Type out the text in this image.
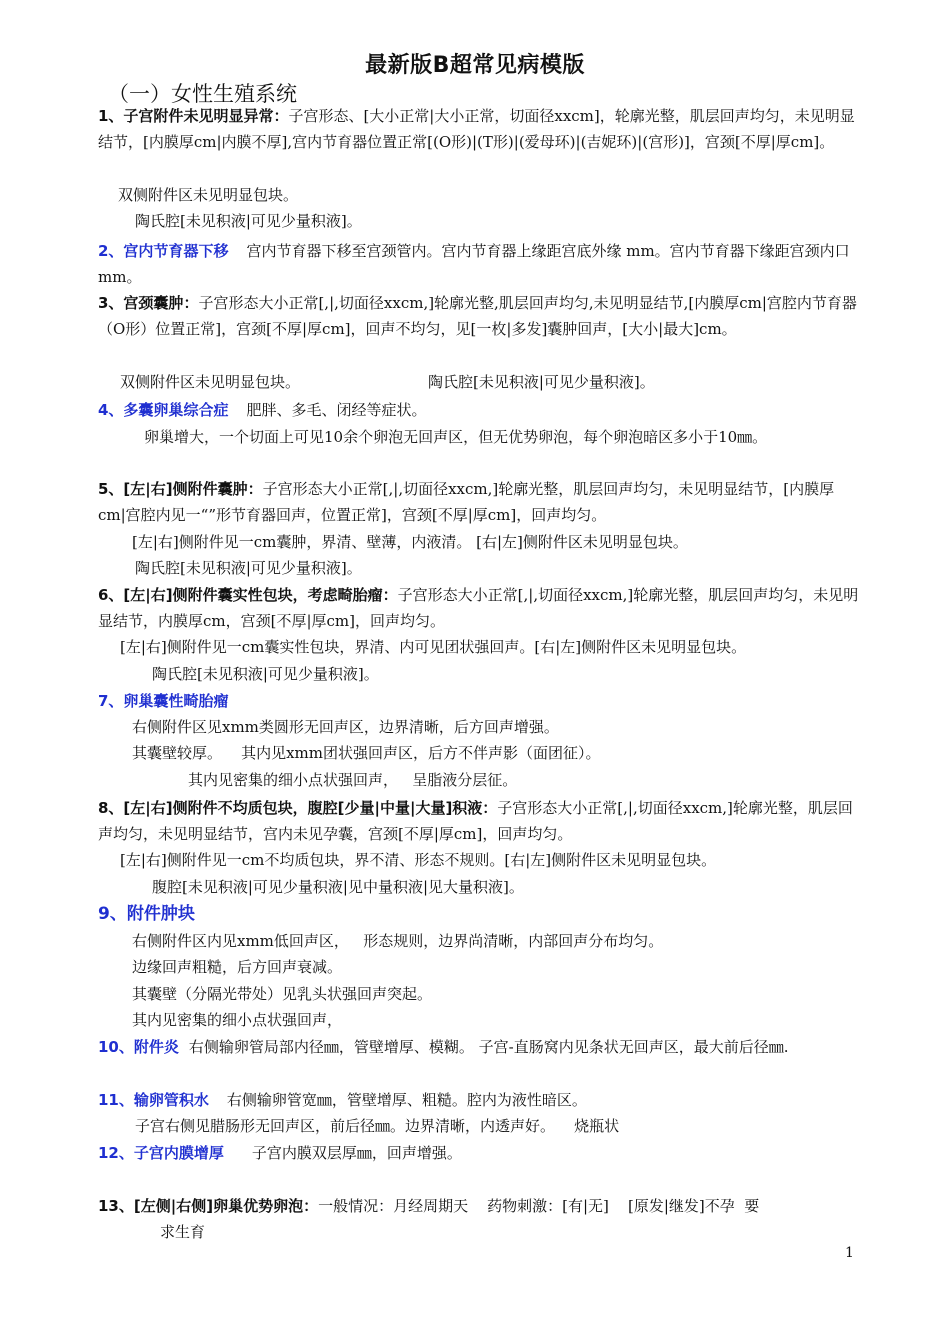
最新版B超常见病模版
（一）女性生殖系统
1、子宫附件未见明显异常：子宫形态、[大小正常|大小正常，切面径xxcm]，轮廓光整，肌层回声均匀，未见明显结节，[内膜厚cm|内膜不厚],宫内节育器位置正常[(O形)|(T形)|(爱母环)|(吉妮环)|(宫形)]，宫颈[不厚|厚cm]。
双侧附件区未见明显包块。
陶氏腔[未见积液|可见少量积液]。
2、宫内节育器下移 宫内节育器下移至宫颈管内。宫内节育器上缘距宫底外缘 mm。宫内节育器下缘距宫颈内口mm。
3、宫颈囊肿：子宫形态大小正常[,|,切面径xxcm,]轮廓光整,肌层回声均匀,未见明显结节,[内膜厚cm|宫腔内节育器（O形）位置正常]，宫颈[不厚|厚cm]，回声不均匀，见[一枚|多发]囊肿回声，[大小|最大]cm。
双侧附件区未见明显包块。	陶氏腔[未见积液|可见少量积液]。
4、多囊卵巢综合症 肥胖、多毛、闭经等症状。
卵巢增大，一个切面上可见10余个卵泡无回声区，但无优势卵泡，每个卵泡暗区多小于10㎜。
5、[左|右]侧附件囊肿：子宫形态大小正常[,|,切面径xxcm,]轮廓光整，肌层回声均匀，未见明显结节，[内膜厚cm|宫腔内见一“”形节育器回声，位置正常]，宫颈[不厚|厚cm]，回声均匀。
[左|右]侧附件见一cm囊肿，界清、壁薄，内液清。 [右|左]侧附件区未见明显包块。
陶氏腔[未见积液|可见少量积液]。
6、[左|右]侧附件囊实性包块，考虑畸胎瘤：子宫形态大小正常[,|,切面径xxcm,]轮廓光整，肌层回声均匀，未见明显结节，内膜厚cm，宫颈[不厚|厚cm]，回声均匀。
[左|右]侧附件见一cm囊实性包块，界清、内可见团状强回声。[右|左]侧附件区未见明显包块。
陶氏腔[未见积液|可见少量积液]。
7、卵巢囊性畸胎瘤
右侧附件区见xmm类圆形无回声区，边界清晰，后方回声增强。
其囊壁较厚。    其内见xmm团状强回声区，后方不伴声影（面团征）。
其内见密集的细小点状强回声，   呈脂液分层征。
8、[左|右]侧附件不均质包块，腹腔[少量|中量|大量]积液：子宫形态大小正常[,|,切面径xxcm,]轮廓光整，肌层回声均匀，未见明显结节，宫内未见孕囊，宫颈[不厚|厚cm]，回声均匀。
[左|右]侧附件见一cm不均质包块，界不清、形态不规则。[右|左]侧附件区未见明显包块。
腹腔[未见积液|可见少量积液|见中量积液|见大量积液]。
9、附件肿块
右侧附件区内见xmm低回声区，   形态规则，边界尚清晰，内部回声分布均匀。
边缘回声粗糙，后方回声衰减。
其囊壁（分隔光带处）见乳头状强回声突起。
其内见密集的细小点状强回声，
10、附件炎 右侧输卵管局部内径㎜，管壁增厚、模糊。 子宫-直肠窝内见条状无回声区，最大前后径㎜.
11、输卵管积水 右侧输卵管宽㎜，管壁增厚、粗糙。腔内为液性暗区。
子宫右侧见腊肠形无回声区，前后径㎜。边界清晰，内透声好。    烧瓶状
12、子宫内膜增厚 子宫内膜双层厚㎜，回声增强。
13、[左侧|右侧]卵巢优势卵泡：一般情况：月经周期天    药物刺激：[有|无]    [原发|继发]不孕  要
求生育
1
